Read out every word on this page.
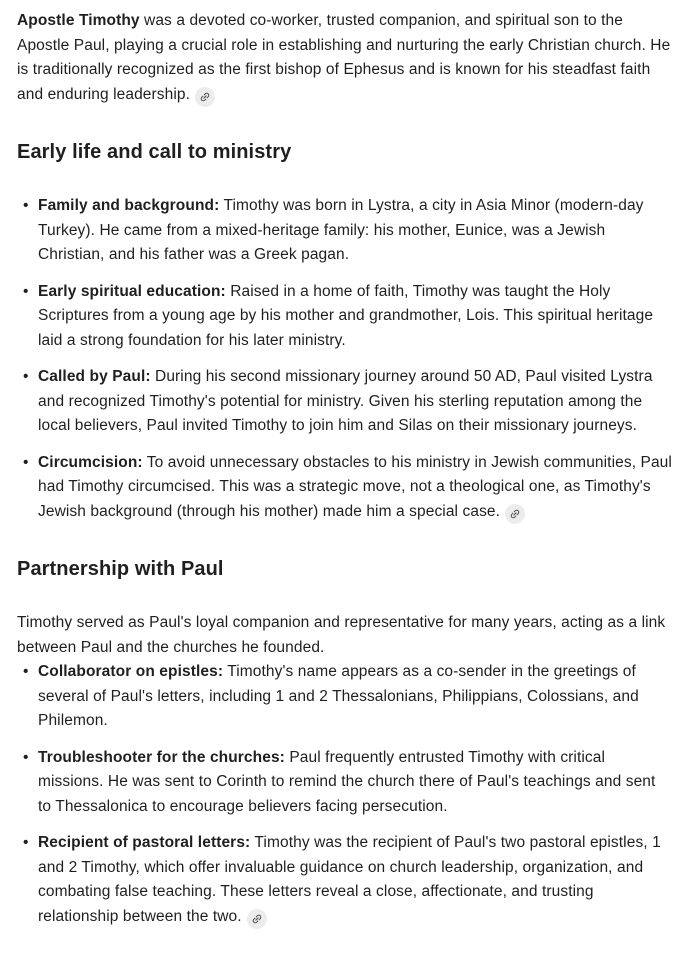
Apostle Timothy was a devoted co-worker, trusted companion, and spiritual son to the Apostle Paul, playing a crucial role in establishing and nurturing the early Christian church. He is traditionally recognized as the first bishop of Ephesus and is known for his steadfast faith and enduring leadership.

Early life and call to ministry
• Family and background: Timothy was born in Lystra, a city in Asia Minor (modern-day Turkey). He came from a mixed-heritage family: his mother, Eunice, was a Jewish Christian, and his father was a Greek pagan.
• Early spiritual education: Raised in a home of faith, Timothy was taught the Holy Scriptures from a young age by his mother and grandmother, Lois. This spiritual heritage laid a strong foundation for his later ministry.
• Called by Paul: During his second missionary journey around 50 AD, Paul visited Lystra and recognized Timothy's potential for ministry. Given his sterling reputation among the local believers, Paul invited Timothy to join him and Silas on their missionary journeys.
• Circumcision: To avoid unnecessary obstacles to his ministry in Jewish communities, Paul had Timothy circumcised. This was a strategic move, not a theological one, as Timothy's Jewish background (through his mother) made him a special case.
Partnership with Paul

Timothy served as Paul's loyal companion and representative for many years, acting as a link between Paul and the churches he founded.

• Collaborator on epistles: Timothy's name appears as a co-sender in the greetings of several of Paul's letters, including 1 and 2 Thessalonians, Philippians, Colossians, and Philemon.
• Troubleshooter for the churches: Paul frequently entrusted Timothy with critical missions. He was sent to Corinth to remind the church there of Paul's teachings and sent to Thessalonica to encourage believers facing persecution.
• Recipient of pastoral letters: Timothy was the recipient of Paul's two pastoral epistles, 1 and 2 Timothy, which offer invaluable guidance on church leadership, organization, and combating false teaching. These letters reveal a close, affectionate, and trusting relationship between the two.
